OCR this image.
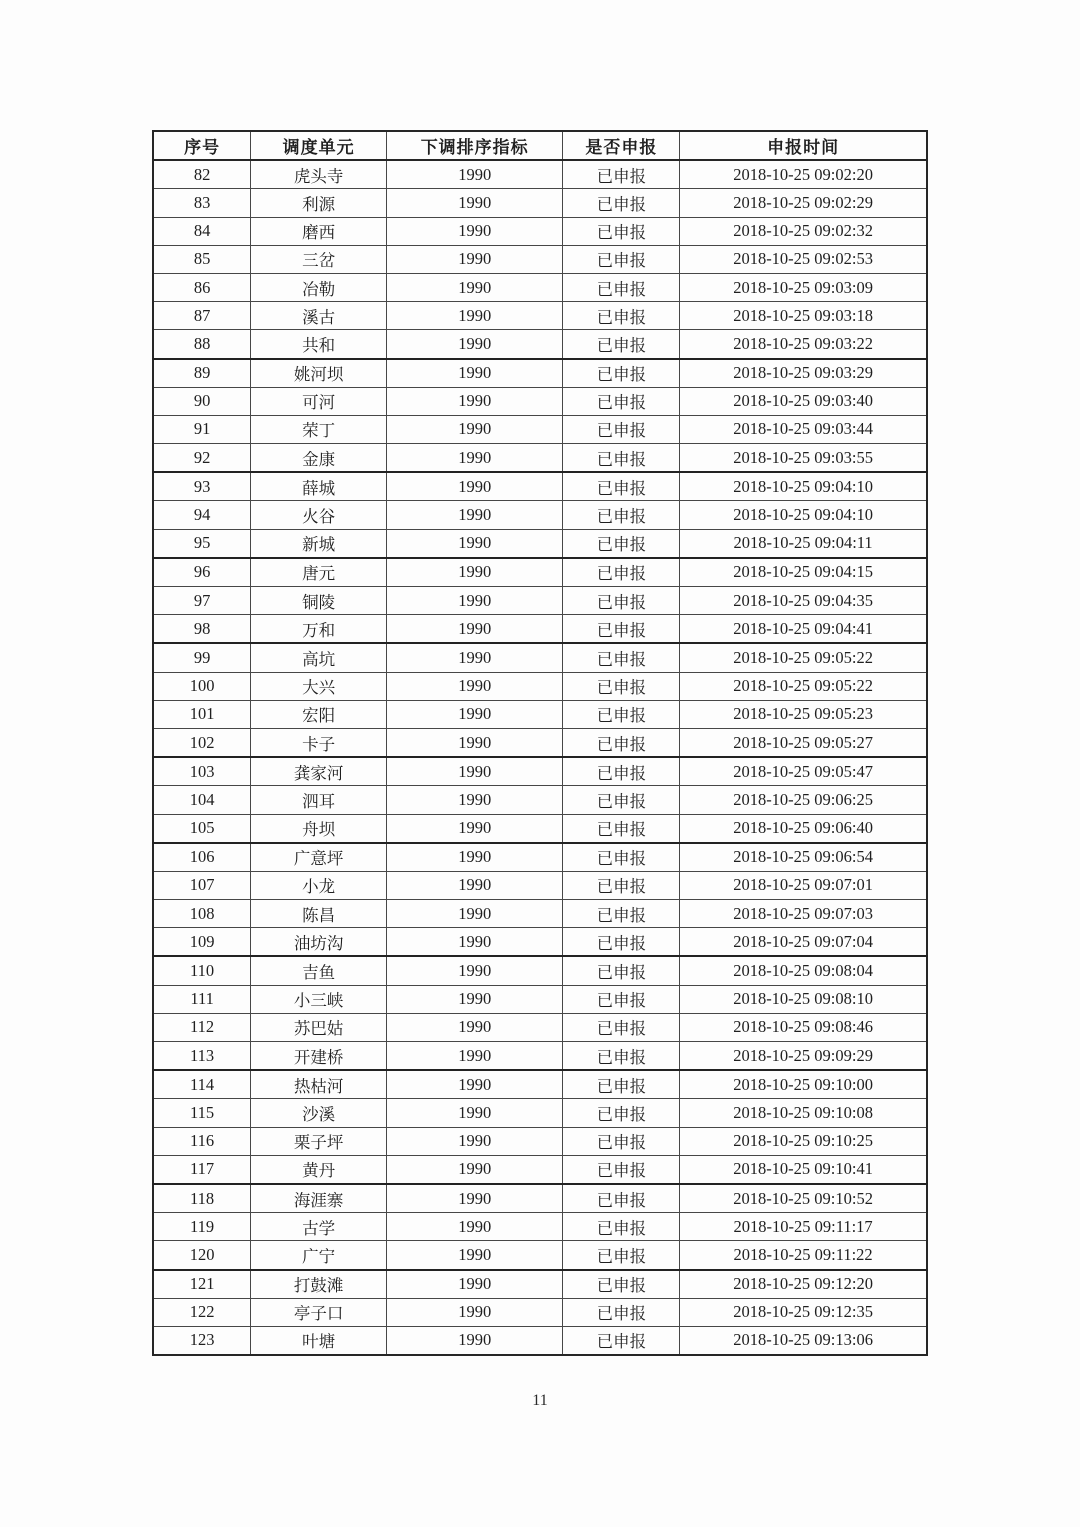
序号	调度单元	下调排序指标	是否申报	申报时间
82	虎头寺	1990	已申报	2018-10-25 09:02:20
83	利源	1990	已申报	2018-10-25 09:02:29
84	磨西	1990	已申报	2018-10-25 09:02:32
85	三岔	1990	已申报	2018-10-25 09:02:53
86	冶勒	1990	已申报	2018-10-25 09:03:09
87	溪古	1990	已申报	2018-10-25 09:03:18
88	共和	1990	已申报	2018-10-25 09:03:22
89	姚河坝	1990	已申报	2018-10-25 09:03:29
90	可河	1990	已申报	2018-10-25 09:03:40
91	荣丁	1990	已申报	2018-10-25 09:03:44
92	金康	1990	已申报	2018-10-25 09:03:55
93	薛城	1990	已申报	2018-10-25 09:04:10
94	火谷	1990	已申报	2018-10-25 09:04:10
95	新城	1990	已申报	2018-10-25 09:04:11
96	唐元	1990	已申报	2018-10-25 09:04:15
97	铜陵	1990	已申报	2018-10-25 09:04:35
98	万和	1990	已申报	2018-10-25 09:04:41
99	高坑	1990	已申报	2018-10-25 09:05:22
100	大兴	1990	已申报	2018-10-25 09:05:22
101	宏阳	1990	已申报	2018-10-25 09:05:23
102	卡子	1990	已申报	2018-10-25 09:05:27
103	龚家河	1990	已申报	2018-10-25 09:05:47
104	泗耳	1990	已申报	2018-10-25 09:06:25
105	舟坝	1990	已申报	2018-10-25 09:06:40
106	广意坪	1990	已申报	2018-10-25 09:06:54
107	小龙	1990	已申报	2018-10-25 09:07:01
108	陈昌	1990	已申报	2018-10-25 09:07:03
109	油坊沟	1990	已申报	2018-10-25 09:07:04
110	吉鱼	1990	已申报	2018-10-25 09:08:04
111	小三峡	1990	已申报	2018-10-25 09:08:10
112	苏巴姑	1990	已申报	2018-10-25 09:08:46
113	开建桥	1990	已申报	2018-10-25 09:09:29
114	热枯河	1990	已申报	2018-10-25 09:10:00
115	沙溪	1990	已申报	2018-10-25 09:10:08
116	栗子坪	1990	已申报	2018-10-25 09:10:25
117	黄丹	1990	已申报	2018-10-25 09:10:41
118	海涯寨	1990	已申报	2018-10-25 09:10:52
119	古学	1990	已申报	2018-10-25 09:11:17
120	广宁	1990	已申报	2018-10-25 09:11:22
121	打鼓滩	1990	已申报	2018-10-25 09:12:20
122	亭子口	1990	已申报	2018-10-25 09:12:35
123	叶塘	1990	已申报	2018-10-25 09:13:06
11
